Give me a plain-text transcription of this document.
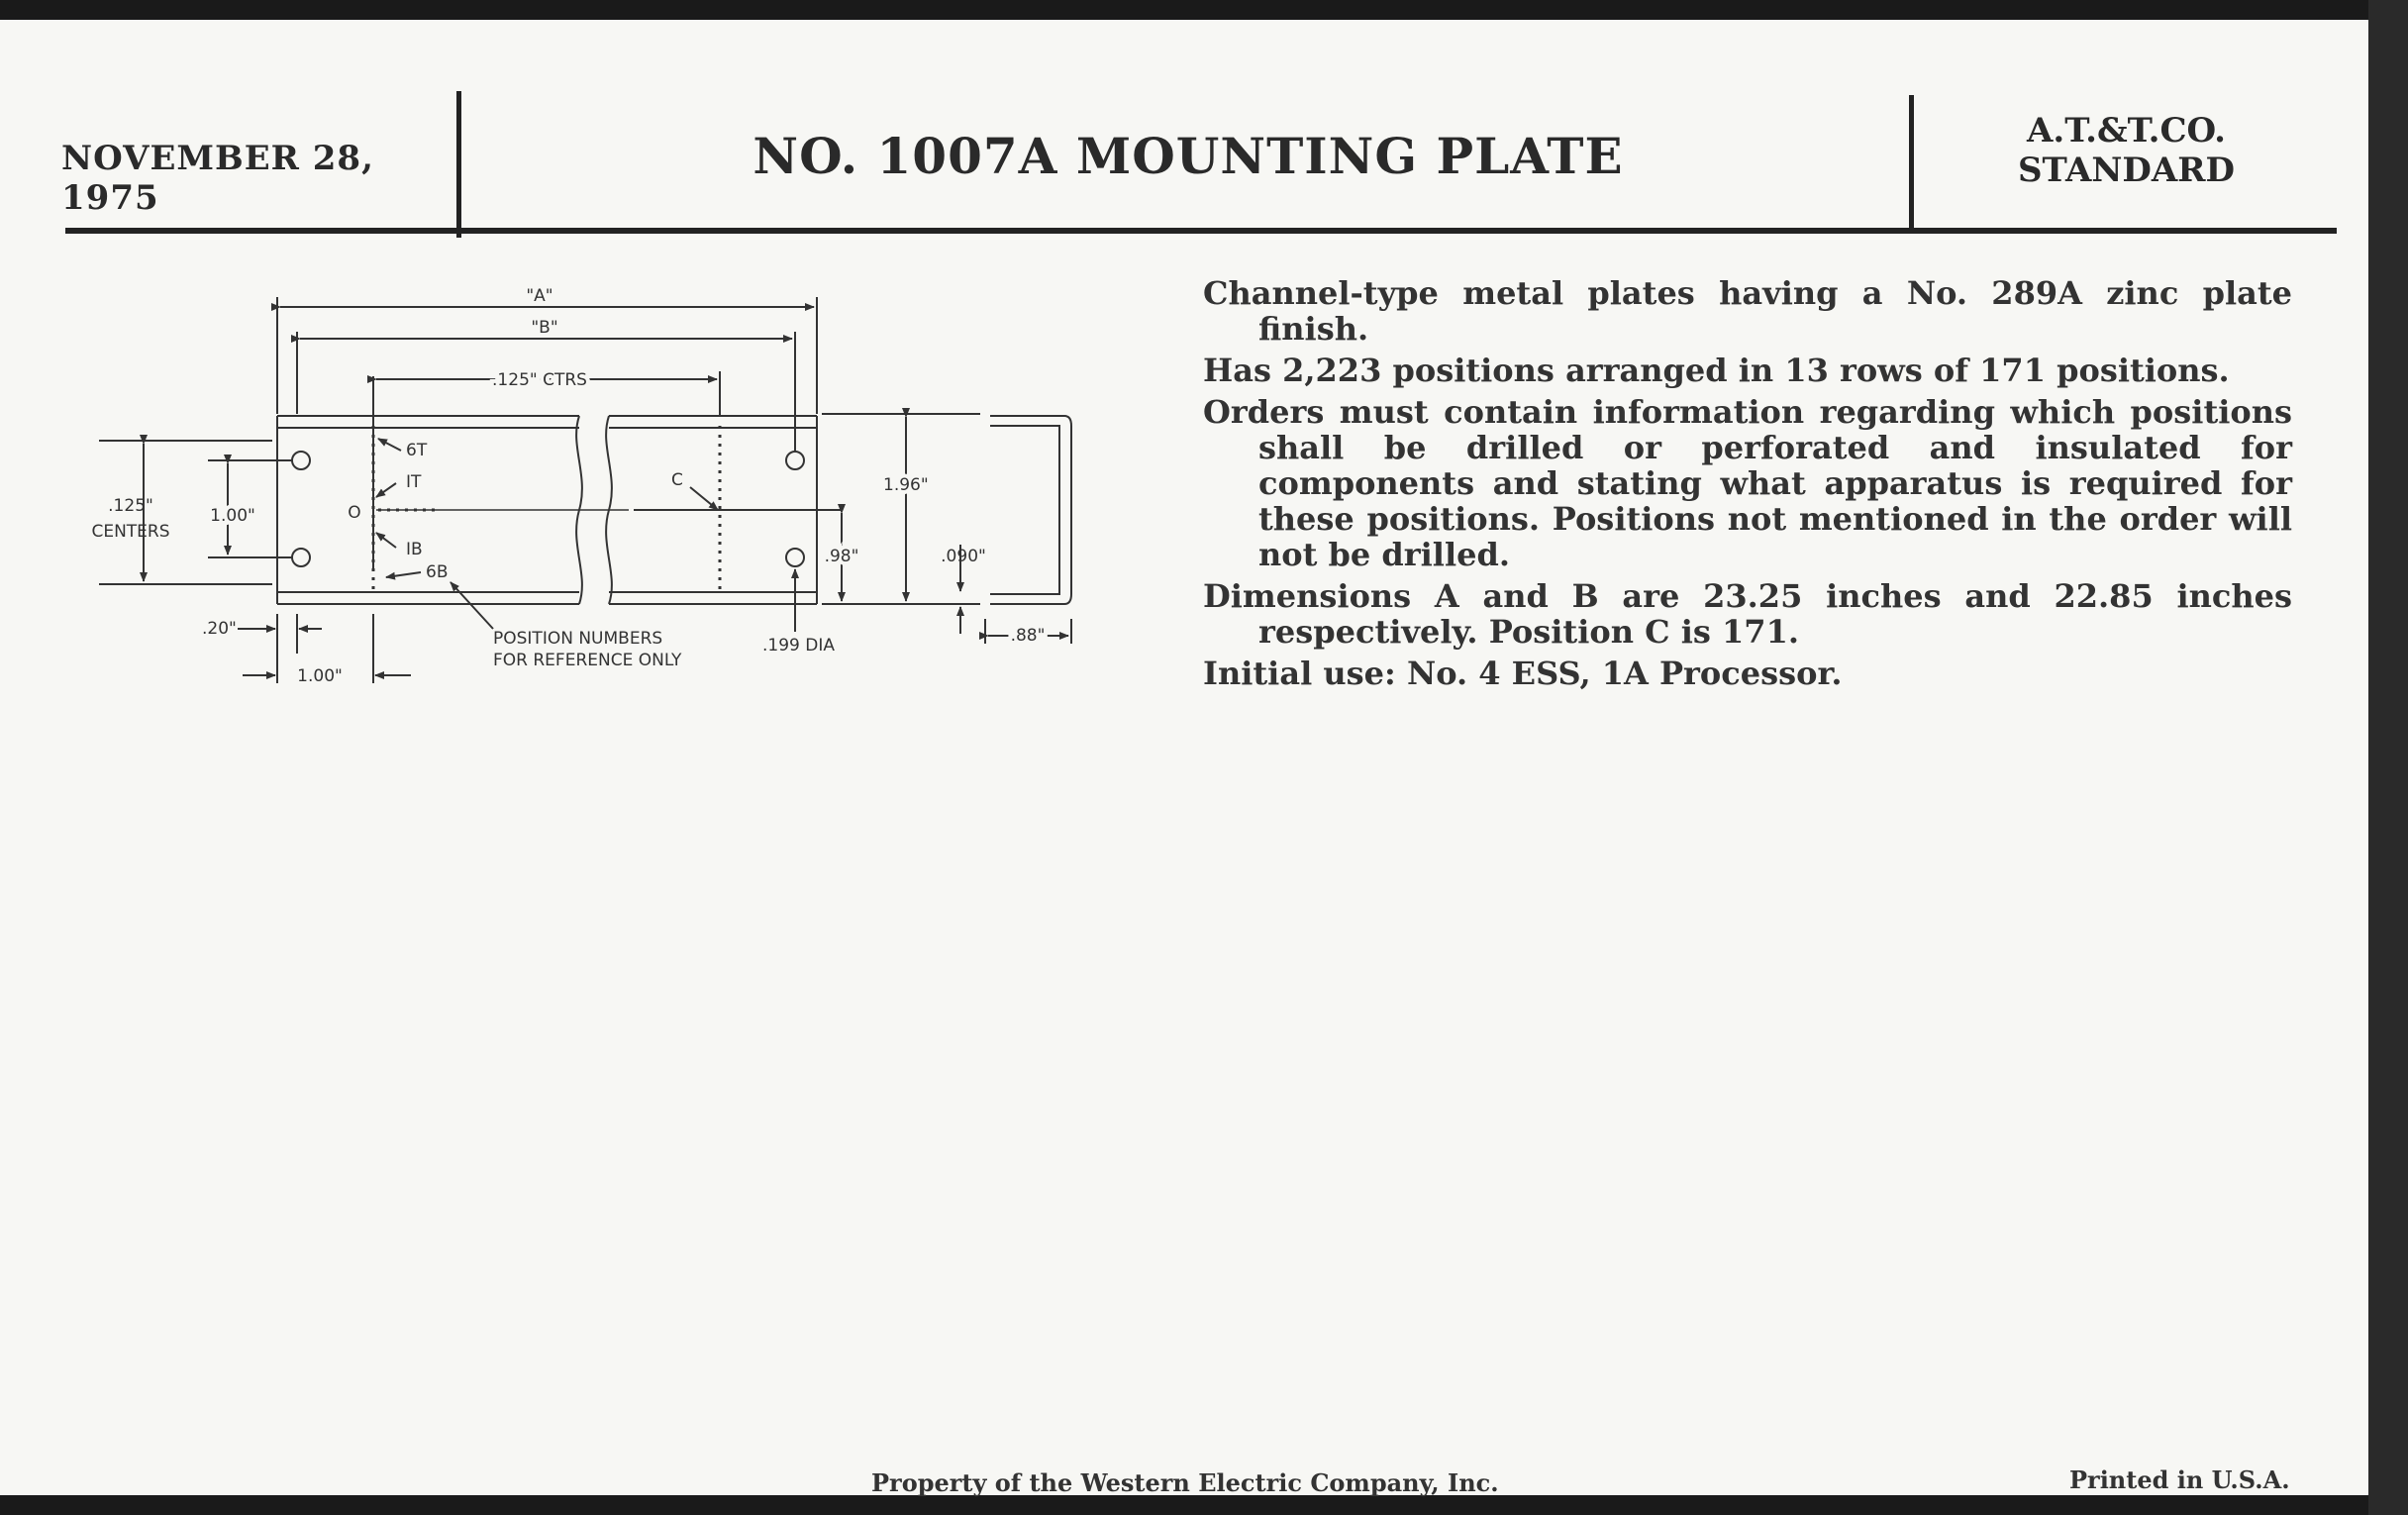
ΝOVEMBER 28, 1975
NO. 1007A MOUNTING PLATE	A.T.&T.CO.
STANDARD

Channel-type metal plates having a No. 289A zinc plate finish.

Has 2,223 positions arranged in 13 rows of 171 positions.

Orders must contain information regarding which positions shall be drilled or perforated and insulated for components and stating what apparatus is required for these positions. Positions not mentioned in the order will not be drilled.

Dimensions A and B are 23.25 inches and 22.85 inches respectively. Position C is 171.

Initial use: No. 4 ESS, 1A Processor.

"A"
"B"
.125" CTRS
.125"
CENTERS
1.00"	O
6T
IT
IB
6B
C	1.96"
.98"	.090"
.88"
.20"
1.00"
POSITION NUMBERS
FOR REFERENCE ONLY
.199 DIA
Property of the Western Electric Company, Inc.	Printed in U.S.A.
